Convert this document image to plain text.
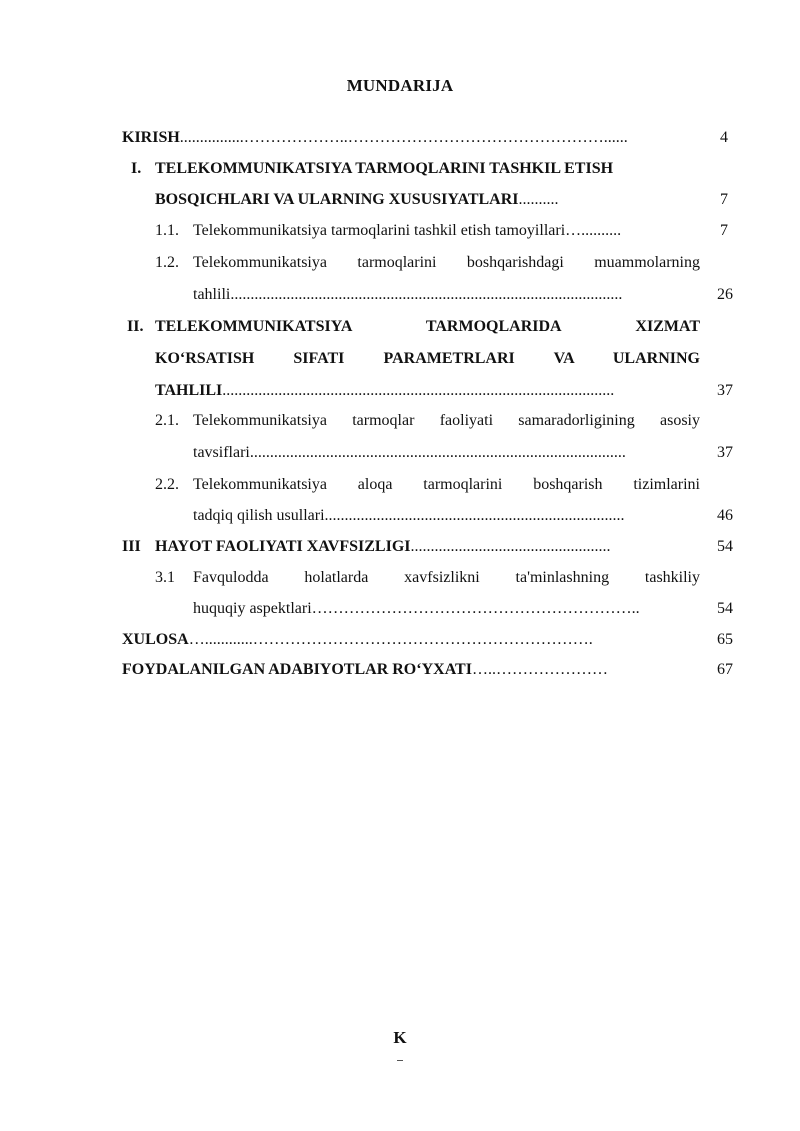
MUNDARIJA
KIRISH................………………..…………………………………………......	4
I. TELEKOMMUNIKATSIYA TARMOQLARINI TASHKIL ETISH
BOSQICHLARI VA ULARNING XUSUSIYATLARI..........	7
1.1. Telekommunikatsiya tarmoqlarini tashkil etish tamoyillari…..........	7
1.2. Telekommunikatsiya tarmoqlarini boshqarishdagi muammolarning
tahlili..................................................................................................	26
II. TELEKOMMUNIKATSIYA TARMOQLARIDA XIZMAT
KO‘RSATISH SIFATI PARAMETRLARI VA ULARNING
TAHLILI..................................................................................................	37
2.1. Telekommunikatsiya tarmoqlar faoliyati samaradorligining asosiy
tavsiflari..............................................................................................	37
2.2. Telekommunikatsiya aloqa tarmoqlarini boshqarish tizimlarini
tadqiq qilish usullari...........................................................................	46
III HAYOT FAOLIYATI XAVFSIZLIGI..................................................	54
3.1 Favqulodda holatlarda xavfsizlikni ta'minlashning tashkiliy
huquqiy aspektlari……………………………………………………..	54
XULOSA…............……………………………………………………….	65
FOYDALANILGAN ADABIYOTLAR RO‘YXATI…..…………………	67
K
